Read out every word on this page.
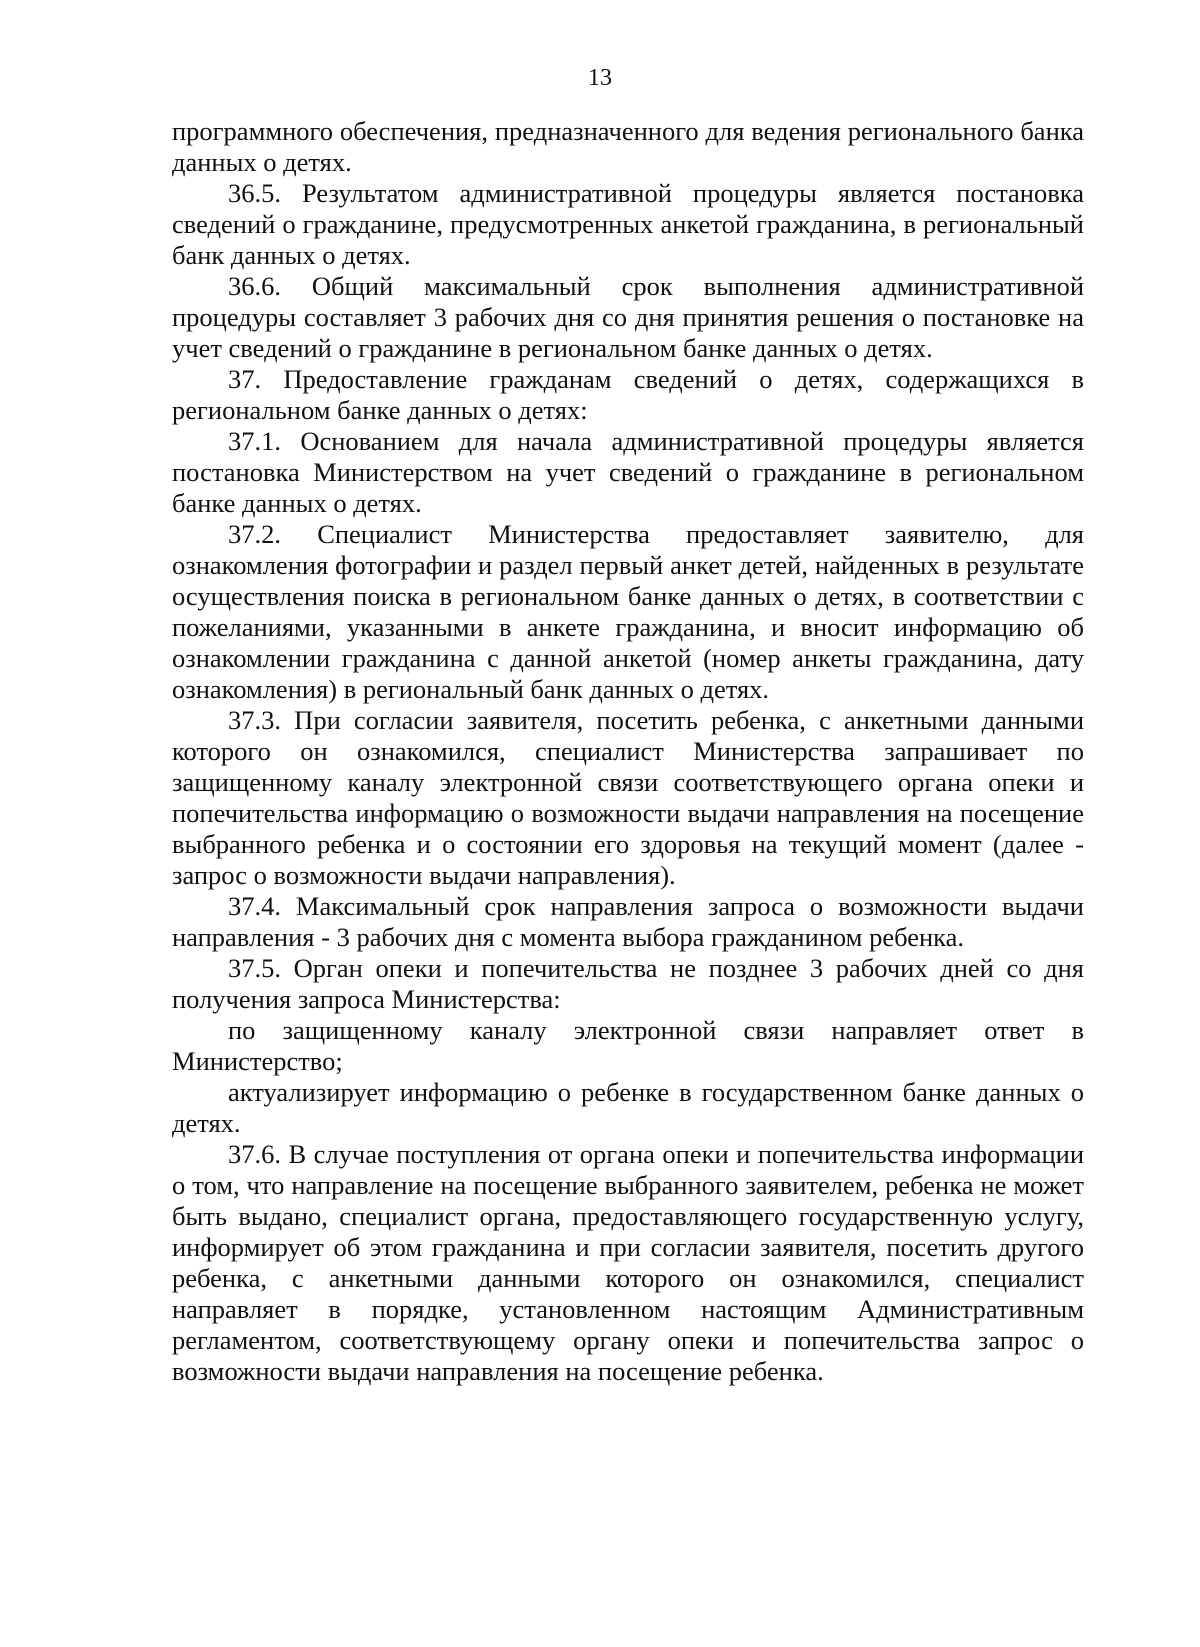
13

программного обеспечения, предназначенного для ведения регионального банка данных о детях.

36.5. Результатом административной процедуры является постановка сведений о гражданине, предусмотренных анкетой гражданина, в региональный банк данных о детях.

36.6. Общий максимальный срок выполнения административной процедуры составляет 3 рабочих дня со дня принятия решения о постановке на учет сведений о гражданине в региональном банке данных о детях.

37. Предоставление гражданам сведений о детях, содержащихся в региональном банке данных о детях:

37.1. Основанием для начала административной процедуры является постановка Министерством на учет сведений о гражданине в региональном банке данных о детях.

37.2. Специалист Министерства предоставляет заявителю, для ознакомления фотографии и раздел первый анкет детей, найденных в результате осуществления поиска в региональном банке данных о детях, в соответствии с пожеланиями, указанными в анкете гражданина, и вносит информацию об ознакомлении гражданина с данной анкетой (номер анкеты гражданина, дату ознакомления) в региональный банк данных о детях.

37.3. При согласии заявителя, посетить ребенка, с анкетными данными которого он ознакомился, специалист Министерства запрашивает по защищенному каналу электронной связи соответствующего органа опеки и попечительства информацию о возможности выдачи направления на посещение выбранного ребенка и о состоянии его здоровья на текущий момент (далее - запрос о возможности выдачи направления).

37.4. Максимальный срок направления запроса о возможности выдачи направления - 3 рабочих дня с момента выбора гражданином ребенка.

37.5. Орган опеки и попечительства не позднее 3 рабочих дней со дня получения запроса Министерства:

по защищенному каналу электронной связи направляет ответ в Министерство;

актуализирует информацию о ребенке в государственном банке данных о детях.

37.6. В случае поступления от органа опеки и попечительства информации о том, что направление на посещение выбранного заявителем, ребенка не может быть выдано, специалист органа, предоставляющего государственную услугу, информирует об этом гражданина и при согласии заявителя, посетить другого ребенка, с анкетными данными которого он ознакомился, специалист направляет в порядке, установленном настоящим Административным регламентом, соответствующему органу опеки и попечительства запрос о возможности выдачи направления на посещение ребенка.
